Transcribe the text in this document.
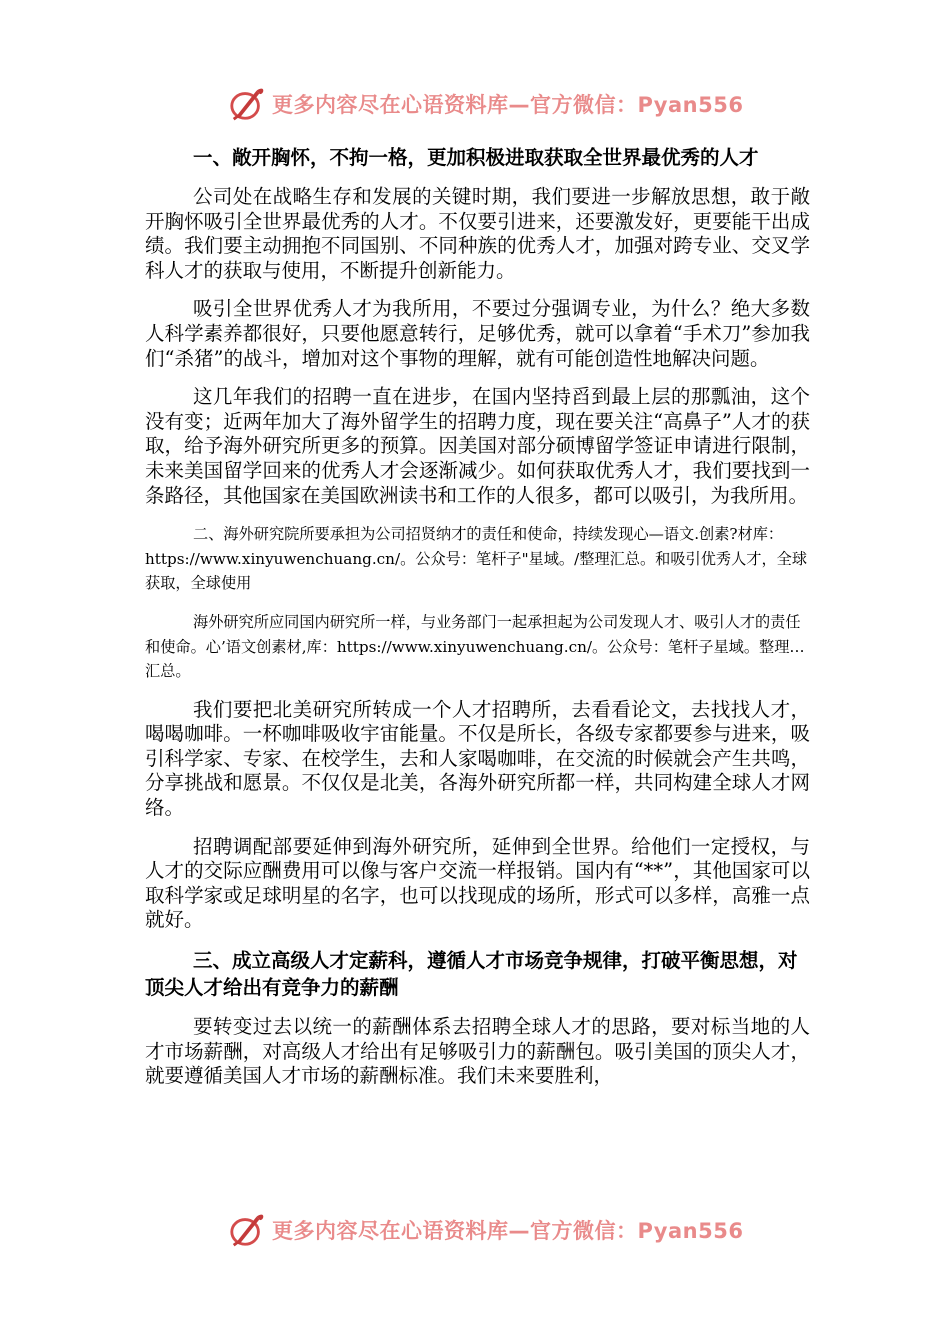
更多内容尽在心语资料库—官方微信：Pyan556
一、敞开胸怀，不拘一格，更加积极进取获取全世界最优秀的人才

公司处在战略生存和发展的关键时期，我们要进一步解放思想，敢于敞开胸怀吸引全世界最优秀的人才。不仅要引进来，还要激发好，更要能干出成绩。我们要主动拥抱不同国别、不同种族的优秀人才，加强对跨专业、交叉学科人才的获取与使用，不断提升创新能力。

吸引全世界优秀人才为我所用，不要过分强调专业，为什么？绝大多数人科学素养都很好，只要他愿意转行，足够优秀，就可以拿着“手术刀”参加我们“杀猪”的战斗，增加对这个事物的理解，就有可能创造性地解决问题。

这几年我们的招聘一直在进步，在国内坚持舀到最上层的那瓢油，这个没有变；近两年加大了海外留学生的招聘力度，现在要关注“高鼻子”人才的获取，给予海外研究所更多的预算。因美国对部分硕博留学签证申请进行限制，未来美国留学回来的优秀人才会逐渐减少。如何获取优秀人才，我们要找到一条路径，其他国家在美国欧洲读书和工作的人很多，都可以吸引，为我所用。

二、海外研究院所要承担为公司招贤纳才的责任和使命，持续发现心—语文.创素?材库：https://www.xinyuwenchuang.cn/。公众号：笔杆子"星域。/整理汇总。和吸引优秀人才，全球获取，全球使用

海外研究所应同国内研究所一样，与业务部门一起承担起为公司发现人才、吸引人才的责任和使命。心’语文创素材,库：https://www.xinyuwenchuang.cn/。公众号：笔杆子星域。整理…汇总。

我们要把北美研究所转成一个人才招聘所，去看看论文，去找找人才，喝喝咖啡。一杯咖啡吸收宇宙能量。不仅是所长，各级专家都要参与进来，吸引科学家、专家、在校学生，去和人家喝咖啡，在交流的时候就会产生共鸣，分享挑战和愿景。不仅仅是北美，各海外研究所都一样，共同构建全球人才网络。

招聘调配部要延伸到海外研究所，延伸到全世界。给他们一定授权，与人才的交际应酬费用可以像与客户交流一样报销。国内有“**”，其他国家可以取科学家或足球明星的名字，也可以找现成的场所，形式可以多样，高雅一点就好。

三、成立高级人才定薪科，遵循人才市场竞争规律，打破平衡思想，对顶尖人才给出有竞争力的薪酬

要转变过去以统一的薪酬体系去招聘全球人才的思路，要对标当地的人才市场薪酬，对高级人才给出有足够吸引力的薪酬包。吸引美国的顶尖人才，就要遵循美国人才市场的薪酬标准。我们未来要胜利，

更多内容尽在心语资料库—官方微信：Pyan556
